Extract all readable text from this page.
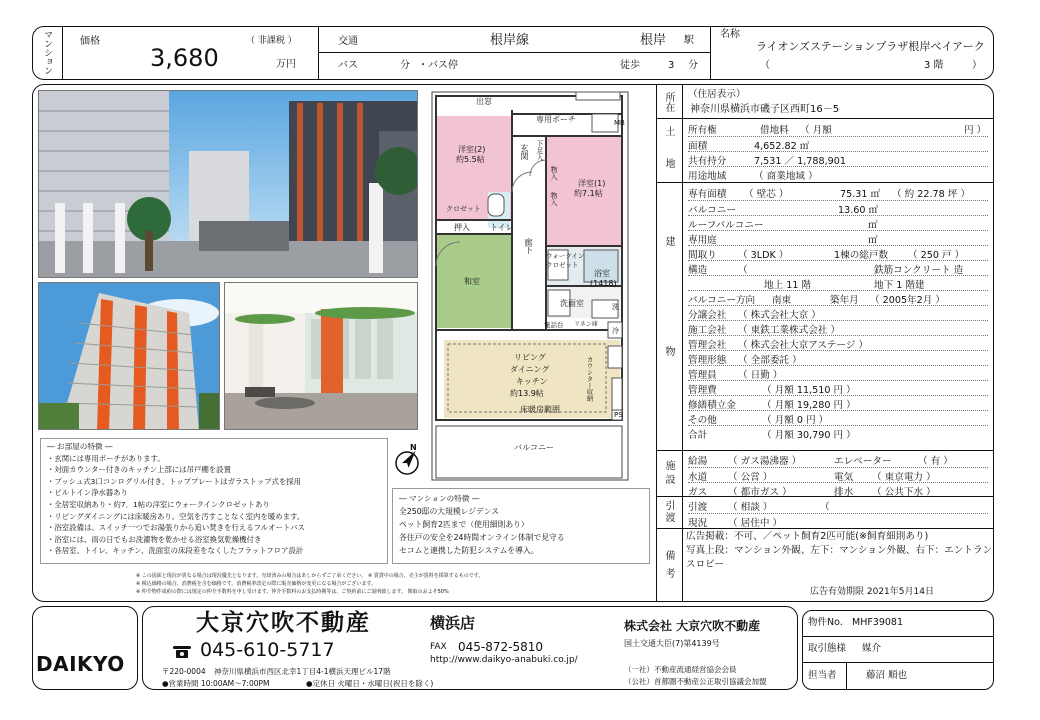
マンション	価格	（ 非課税 ）
3,680	万円
交通	根岸線	根岸 駅
バス	分 ・バス停	徒歩	3 分
名称
ライオンズステーションプラザ根岸ベイアーク
（	3 階	）
出窓
専用ポーチ	MB
洋室(2)
約5.5帖
洋室(1)
約7.1帖
玄関 下足入
物入
物入
クロゼット
押入	トイレ
廊下
和室
ウォークイン
クロゼット
浴室
(1418)
洗面室	洗
冷
電話台 リネン庫
リビング
ダイニング
キッチン
約13.9帖	カウンター収納
床暖房範囲
PS
バルコニー
N
― お部屋の特徴 ―
・玄関には専用ポーチがあります。
・対面カウンター付きのキッチン上部には吊戸棚を設置
・ブッシュ式3口コンログリル付き、トッププレートはガラストップ式を採用
・ビルトイン浄水器あり
・全居室収納あり・約7．1帖の洋室にウォークインクロゼットあり
・リビングダイニングには床暖房あり。空気を汚すことなく室内を暖めます。
・浴室設備は、スイッチ一つでお湯張りから追い焚きを行えるフルオートバス
・浴室には、雨の日でもお洗濯物を乾かせる浴室換気乾燥機付き
・各居室、トイレ、キッチン、洗面室の床段差をなくしたフラットフロア設計
― マンションの特徴 ―
全250邸の大規模レジデンス
ペット飼育2匹まで（使用細則あり）
各住戸の安全を24時間オンライン体制で見守る
セコムと連携した防犯システムを導入。
※ この図面と現況が異なる場合は現況優先となります。売却済みの場合はあしからずご了承ください。 ※ 賃貸中の場合、売主が賃料を採算するものです。
※ 税込価格の場合、消費税を含む価格です。消費税率改定の際に販売価格が変更になる場合がございます。
※ 仲介物件成約の際には規定の仲介手数料を申し受けます。仲介手数料のお支払時期等は、ご契約前にご説明致します。 関取のおよそ50%
所在
土地
建物
施設
引渡
備考
（住居表示）
神奈川県横浜市磯子区西町16－5
所有権	借地料 （ 月額	円 ）
面積	4,652.82 ㎡
共有持分	7,531 ／ 1,788,901
用途地域	（ 商業地域 ）
専有面積 （ 壁芯 ）	75.31 ㎡ （ 約 22.78 坪 ）
バルコニー	13.60 ㎡
ルーフバルコニー	㎡
専用庭	㎡
間取り （ 3LDK ）	1棟の総戸数 （ 250 戸 ）
構造	（	鉄筋コンクリート 造
地上 11 階	地下 1 階建
バルコニー方向 南東	築年月 （ 2005年2月 ）
分譲会社 （ 株式会社大京 ）
施工会社 （ 東鉄工業株式会社 ）
管理会社 （ 株式会社大京アステージ ）
管理形態 （ 全部委託 ）
管理員 （ 日勤 ）
管理費	（ 月額 11,510 円 ）
修繕積立金	（ 月額 19,280 円 ）
その他	（ 月額 0 円 ）
合計	（ 月額 30,790 円 ）
給湯 （ ガス湯沸器 ）	エレベーター	（ 有 ）
水道 （ 公営 ）	電気 （ 東京電力 ）
ガス （ 都市ガス ）	排水 （ 公共下水 ）
引渡 （ 相談 ）	（
現況 （ 居住中 ）
広告掲載：不可、／ペット飼育2匹可能(※飼育細則あり)
写真上段：マンション外観、左下：マンション外観、右下：エントラン
スロビー
広告有効期限 2021年5月14日
DAIKYO
大京穴吹不動産	横浜店
045-610-5717	FAX 045-872-5810
http://www.daikyo-anabuki.co.jp/
〒220-0004 神奈川県横浜市西区北幸1丁目4-1横浜天理ビル17階
●営業時間 10:00AM～7:00PM	●定休日 火曜日・水曜日(祝日を除く)
株式会社 大京穴吹不動産
国土交通大臣(7)第4139号
（一社）不動産流通経営協会会員
（公社）首都圏不動産公正取引協議会加盟
物件No. MHF39081
取引態様 媒介
担当者	藤沼 順也
